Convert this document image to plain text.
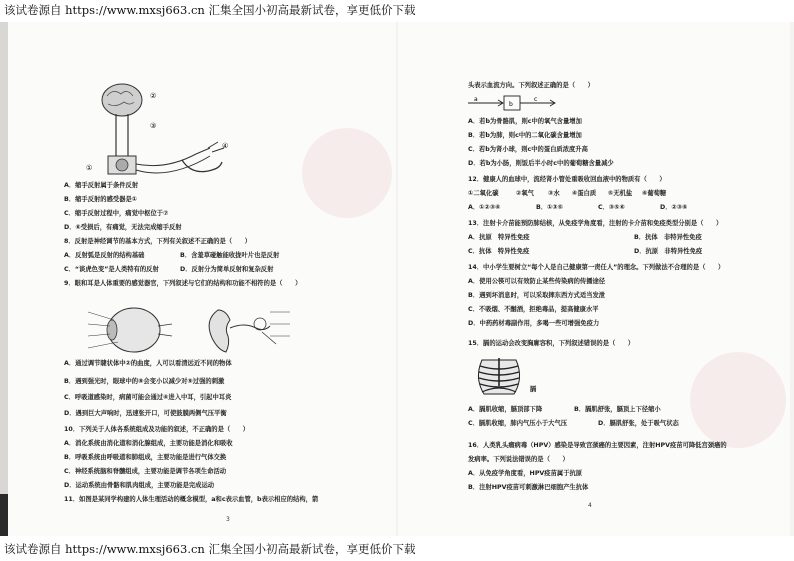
该试卷源自 https://www.mxsj663.cn 汇集全国小初高最新试卷，享更低价下载
①
②
③
④
A．缩手反射属于条件反射
B．缩手反射的感受器是①
C．缩手反射过程中，痛觉中枢位于⑦
D．⑥受损后，有痛觉，无法完成缩手反射
8．反射是神经调节的基本方式，下列有关叙述不正确的是（　　）
A．反射弧是反射的结构基础	B．含羞草碰触能收拢叶片也是反射
C．“谈虎色变”是人类特有的反射	D．反射分为简单反射和复杂反射
9．眼和耳是人体重要的感觉器官，下列叙述与它们的结构和功能不相符的是（　　）
A．通过调节睫状体中②的曲度，人可以看清远近不同的物体
B．遇到强光时，眼球中的⑧会变小以减少对⑨过强的刺激
C．呼吸道感染时，病菌可能会通过④进入中耳，引起中耳炎
D．遇到巨大声响时，迅速张开口，可使鼓膜两侧气压平衡
10．下列关于人体各系统组成及功能的叙述，不正确的是（　　）
A．消化系统由消化道和消化腺组成，主要功能是消化和吸收
B．呼吸系统由呼吸道和肺组成，主要功能是进行气体交换
C．神经系统脑和脊髓组成，主要功能是调节各项生命活动
D．运动系统由骨骼和肌肉组成，主要功能是完成运动
11．如图是某同学构建的人体生理活动的概念模型，a和c表示血管，b表示相应的结构，箭
3
头表示血流方向。下列叙述正确的是（　　）
a
b
c
A．若b为骨骼肌，则c中的氧气含量增加
B．若b为肺，则c中的二氧化碳含量增加
C．若b为肾小球，则c中的蛋白质浓度升高
D．若b为小肠，则饭后半小时c中的葡萄糖含量减少
12．健康人的血球中，流经肾小管处重吸收回血液中的物质有（　　）
①二氧化碳	②氧气 ③水 ④蛋白质 ⑤无机盐 ⑥葡萄糖
A．①②③④	B．①③⑤	C．③⑤⑥	D．②③⑥
13．注射卡介苗能预防肺结核，从免疫学角度看，注射的卡介苗和免疫类型分别是（　　）
A．抗原　特异性免疫	B．抗体　非特异性免疫
C．抗体　特异性免疫	D．抗原　非特异性免疫
14．中小学生要树立“每个人是自己健康第一责任人”的理念。下列做法不合理的是（　　）
A．使用公筷可以有效防止某些传染病的传播途径
B．遇到坏消息时，可以采取摔东西方式适当发泄
C．不吸烟、不酗酒，拒绝毒品，提高健康水平
D．中药药材毒副作用，多喝一些可增强免疫力
15．膈的运动会改变胸廓容积，下列叙述错误的是（　　）
膈
A．膈肌收缩，膈顶部下降	B．膈肌舒张，膈顶上下径缩小
C．膈肌收缩，肺内气压小于大气压	D．膈肌舒张，处于吸气状态
16．人类乳头瘤病毒（HPV）感染是导致宫颈癌的主要因素，注射HPV疫苗可降低宫颈癌的
发病率。下列说法错误的是（　　）
A．从免疫学角度看，HPV疫苗属于抗原
B．注射HPV疫苗可刺激淋巴细胞产生抗体
4
该试卷源自 https://www.mxsj663.cn 汇集全国小初高最新试卷，享更低价下载
